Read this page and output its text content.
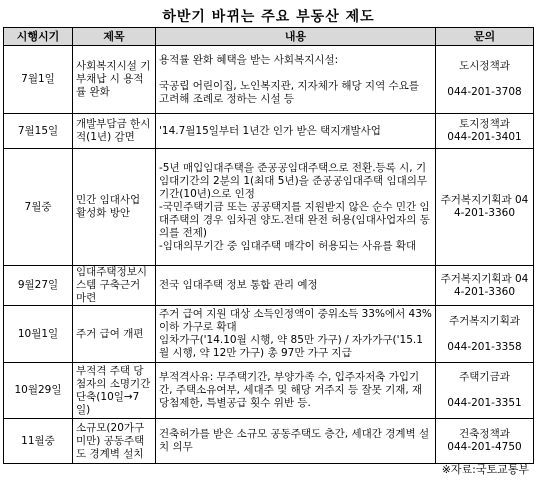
하반기 바뀌는 주요 부동산 제도
시행시기	제목	내용	문의
7월1일	사회복지시설 기부채납 시 용적률 완화	용적률 완화 혜택을 받는 사회복지시설:

국공립 어린이집, 노인복지관, 지자체가 해당 지역 수요를 고려해 조례로 정하는 시설 등	도시정책과

044-201-3708

7월15일	개발부담금 한시적(1년) 감면	'14.7월15일부터 1년간 인가 받은 택지개발사업	토지정책과
044-201-3401

7월중	민간 임대사업 활성화 방안	-5년 매입임대주택을 준공공임대주택으로 전환.등록 시, 기 임대기간의 2분의 1(최대 5년)을 준공공임대주택 임대의무기간(10년)으로 인정
-국민주택기금 또는 공공택지를 지원받지 않은 순수 민간 임대주택의 경우 임차권 양도.전대 완전 허용(임대사업자의 동의를 전제)
-임대의무기간 중 임대주택 매각이 허용되는 사유를 확대	주거복지기획과 044-201-3360

9월27일	임대주택정보시스템 구축근거 마련	전국 임대주택 정보 통합 관리 예정	주거복지기획과 044-201-3360

10월1일	주거 급여 개편	주거 급여 지원 대상 소득인정액이 중위소득 33%에서 43% 이하 가구로 확대
임차가구('14.10월 시행, 약 85만 가구) / 자가가구('15.1월 시행, 약 12만 가구) 총 97만 가구 지급	주거복지기획과

044-201-3358

10월29일	부적격 주택 당첨자의 소명기간 단축(10일→7일)	부적격사유: 무주택기간, 부양가족 수, 입주자저축 가입기간, 주택소유여부, 세대주 및 해당 거주지 등 잘못 기재, 재당첨제한, 특별공급 횟수 위반 등.	주택기금과

044-201-3351

11월중	소규모(20가구 미만) 공동주택도 경계벽 설치	건축허가를 받은 소규모 공동주택도 층간, 세대간 경계벽 설치 의무	건축정책과
044-201-4750
※자료:국토교통부
